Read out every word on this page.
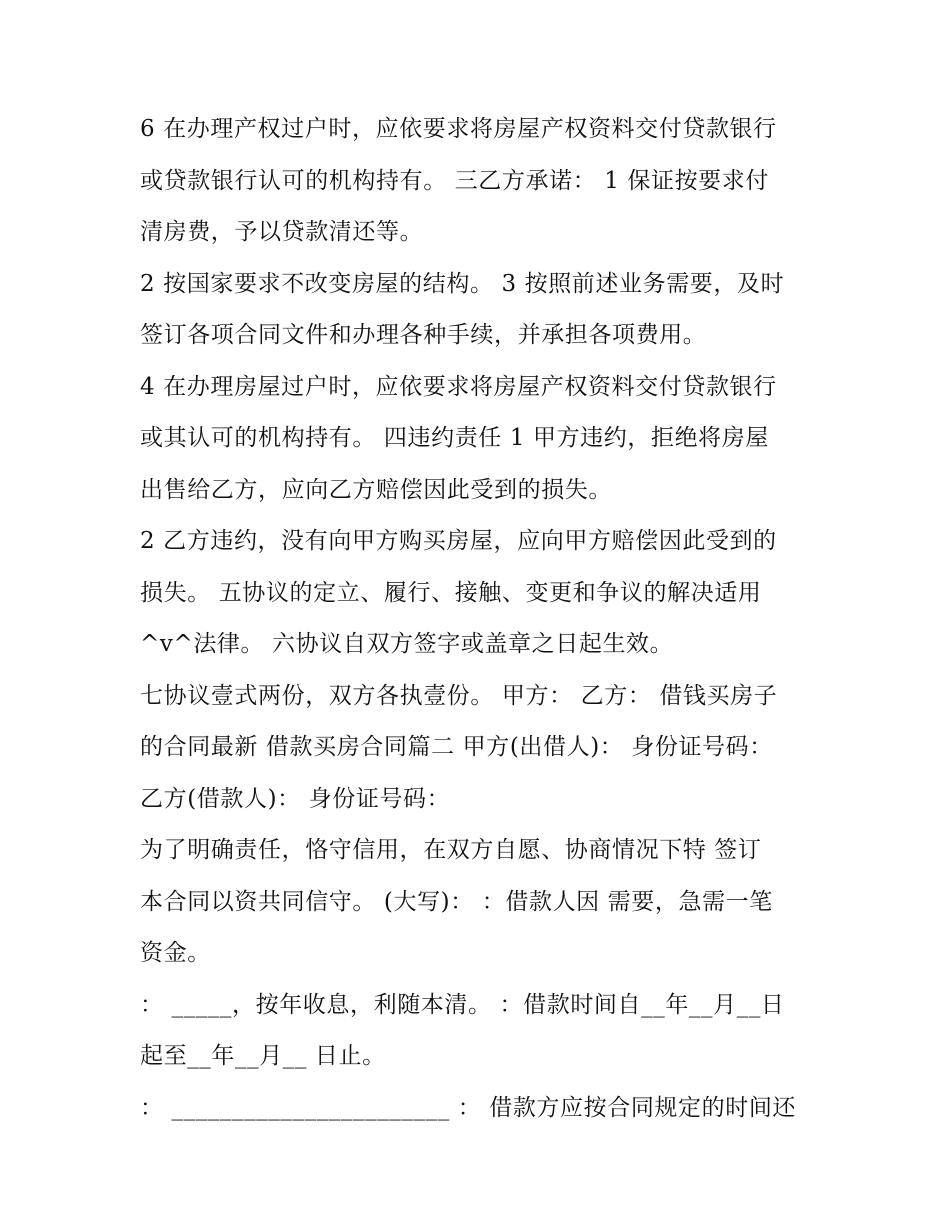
6 在办理产权过户时，应依要求将房屋产权资料交付贷款银行
或贷款银行认可的机构持有。 三乙方承诺： 1 保证按要求付
清房费，予以贷款清还等。
2 按国家要求不改变房屋的结构。 3 按照前述业务需要，及时
签订各项合同文件和办理各种手续，并承担各项费用。
4 在办理房屋过户时，应依要求将房屋产权资料交付贷款银行
或其认可的机构持有。 四违约责任 1 甲方违约，拒绝将房屋
出售给乙方，应向乙方赔偿因此受到的损失。
2 乙方违约，没有向甲方购买房屋，应向甲方赔偿因此受到的
损失。 五协议的定立、履行、接触、变更和争议的解决适用
^v^法律。 六协议自双方签字或盖章之日起生效。
七协议壹式两份，双方各执壹份。 甲方： 乙方： 借钱买房子
的合同最新 借款买房合同篇二 甲方(出借人)： 身份证号码：
乙方(借款人)： 身份证号码：
为了明确责任，恪守信用，在双方自愿、协商情况下特 签订
本合同以资共同信守。 (大写)： ：借款人因 需要，急需一笔
资金。
： _____，按年收息，利随本清。 ：借款时间自__年__月__日
起至__年__月__ 日止。
： _______________________ ： 借款方应按合同规定的时间还
